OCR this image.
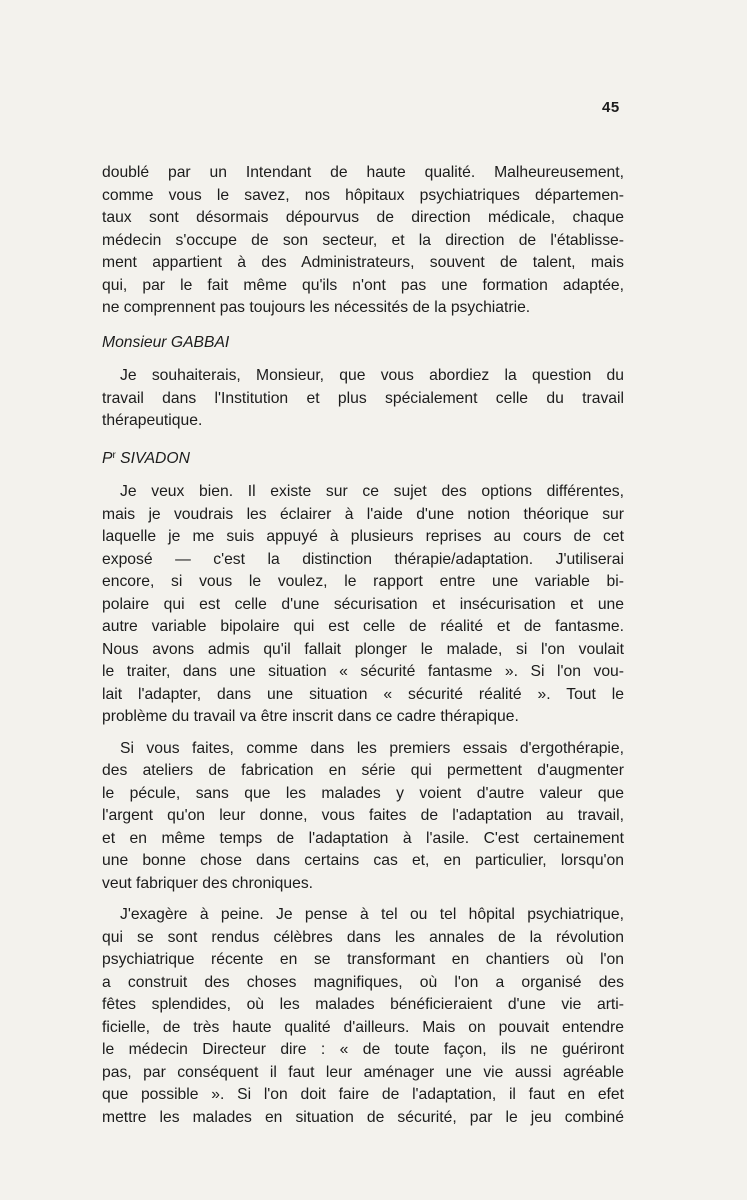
45

doublé par un Intendant de haute qualité. Malheureusement,

comme vous le savez, nos hôpitaux psychiatriques départemen-

taux sont désormais dépourvus de direction médicale, chaque

médecin s'occupe de son secteur, et la direction de l'établisse-

ment appartient à des Administrateurs, souvent de talent, mais

qui, par le fait même qu'ils n'ont pas une formation adaptée,

ne comprennent pas toujours les nécessités de la psychiatrie.

Monsieur GABBAI

Je souhaiterais, Monsieur, que vous abordiez la question du

travail dans l'Institution et plus spécialement celle du travail

thérapeutique.

$P^r$ SIVADON

Je veux bien. Il existe sur ce sujet des options différentes,

mais je voudrais les éclairer à l'aide d'une notion théorique sur

laquelle je me suis appuyé à plusieurs reprises au cours de cet

exposé — c'est la distinction thérapie/adaptation. J'utiliserai

encore, si vous le voulez, le rapport entre une variable bi-

polaire qui est celle d'une sécurisation et insécurisation et une

autre variable bipolaire qui est celle de réalité et de fantasme.

Nous avons admis qu'il fallait plonger le malade, si l'on voulait

le traiter, dans une situation « sécurité fantasme ». Si l'on vou-

lait l'adapter, dans une situation « sécurité réalité ». Tout le

problème du travail va être inscrit dans ce cadre thérapique.

Si vous faites, comme dans les premiers essais d'ergothérapie,

des ateliers de fabrication en série qui permettent d'augmenter

le pécule, sans que les malades y voient d'autre valeur que

l'argent qu'on leur donne, vous faites de l'adaptation au travail,

et en même temps de l'adaptation à l'asile. C'est certainement

une bonne chose dans certains cas et, en particulier, lorsqu'on

veut fabriquer des chroniques.

J'exagère à peine. Je pense à tel ou tel hôpital psychiatrique,

qui se sont rendus célèbres dans les annales de la révolution

psychiatrique récente en se transformant en chantiers où l'on

a construit des choses magnifiques, où l'on a organisé des

fêtes splendides, où les malades bénéficieraient d'une vie arti-

ficielle, de très haute qualité d'ailleurs. Mais on pouvait entendre

le médecin Directeur dire : « de toute façon, ils ne guériront

pas, par conséquent il faut leur aménager une vie aussi agréable

que possible ». Si l'on doit faire de l'adaptation, il faut en efet

mettre les malades en situation de sécurité, par le jeu combiné
